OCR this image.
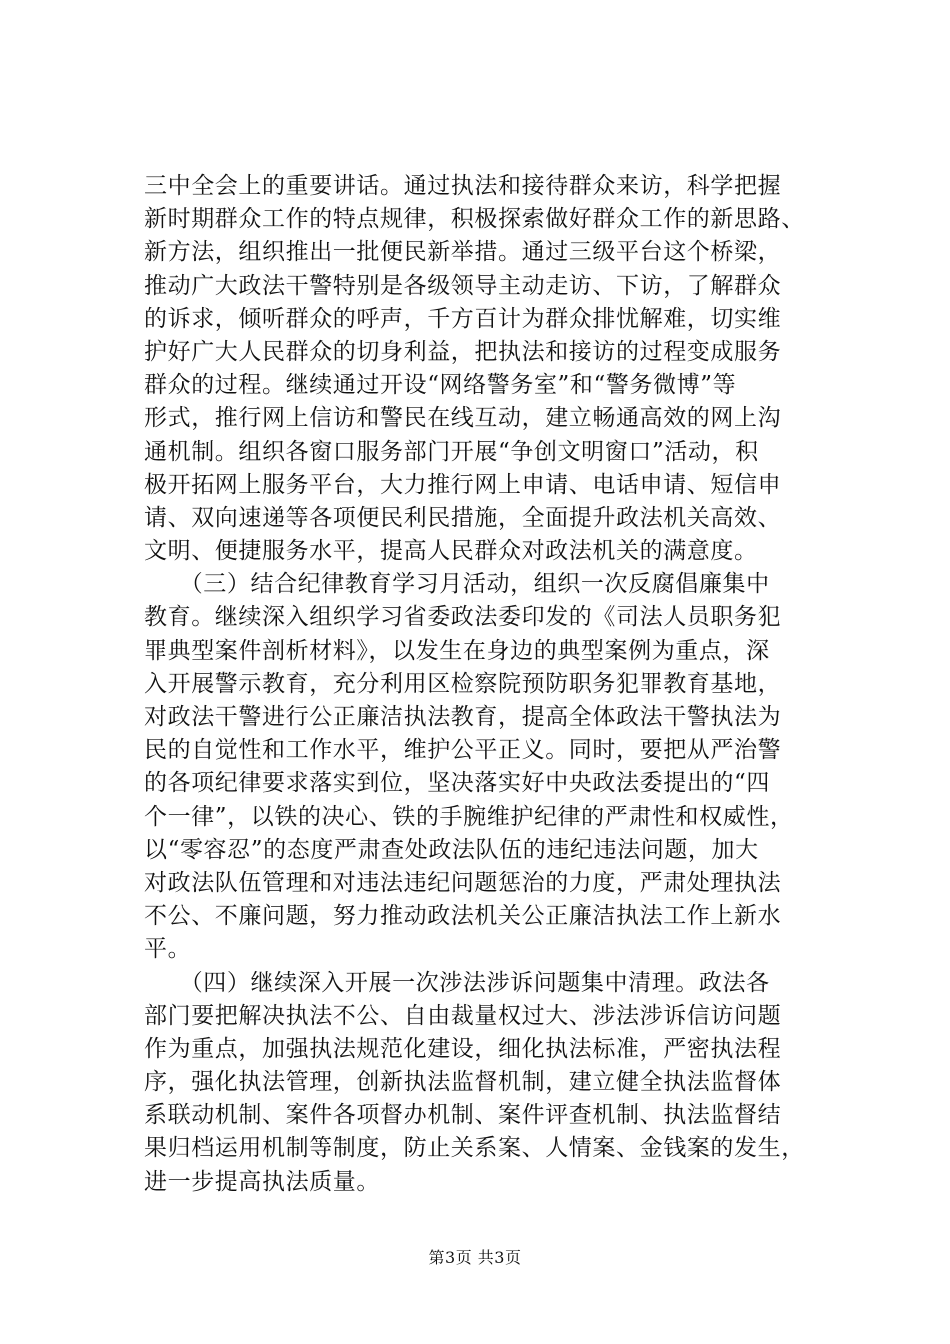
三中全会上的重要讲话。通过执法和接待群众来访，科学把握
新时期群众工作的特点规律，积极探索做好群众工作的新思路、
新方法，组织推出一批便民新举措。通过三级平台这个桥梁，
推动广大政法干警特别是各级领导主动走访、下访，了解群众
的诉求，倾听群众的呼声，千方百计为群众排忧解难，切实维
护好广大人民群众的切身利益，把执法和接访的过程变成服务
群众的过程。继续通过开设“网络警务室”和“警务微博”等
形式，推行网上信访和警民在线互动，建立畅通高效的网上沟
通机制。组织各窗口服务部门开展“争创文明窗口”活动，积
极开拓网上服务平台，大力推行网上申请、电话申请、短信申
请、双向速递等各项便民利民措施，全面提升政法机关高效、
文明、便捷服务水平，提高人民群众对政法机关的满意度。
　　（三）结合纪律教育学习月活动，组织一次反腐倡廉集中
教育。继续深入组织学习省委政法委印发的《司法人员职务犯
罪典型案件剖析材料》，以发生在身边的典型案例为重点，深
入开展警示教育，充分利用区检察院预防职务犯罪教育基地，
对政法干警进行公正廉洁执法教育，提高全体政法干警执法为
民的自觉性和工作水平，维护公平正义。同时，要把从严治警
的各项纪律要求落实到位，坚决落实好中央政法委提出的“四
个一律”，以铁的决心、铁的手腕维护纪律的严肃性和权威性，
以“零容忍”的态度严肃查处政法队伍的违纪违法问题，加大
对政法队伍管理和对违法违纪问题惩治的力度，严肃处理执法
不公、不廉问题，努力推动政法机关公正廉洁执法工作上新水
平。
　　（四）继续深入开展一次涉法涉诉问题集中清理。政法各
部门要把解决执法不公、自由裁量权过大、涉法涉诉信访问题
作为重点，加强执法规范化建设，细化执法标准，严密执法程
序，强化执法管理，创新执法监督机制，建立健全执法监督体
系联动机制、案件各项督办机制、案件评查机制、执法监督结
果归档运用机制等制度，防止关系案、人情案、金钱案的发生，
进一步提高执法质量。
第3页 共3页
